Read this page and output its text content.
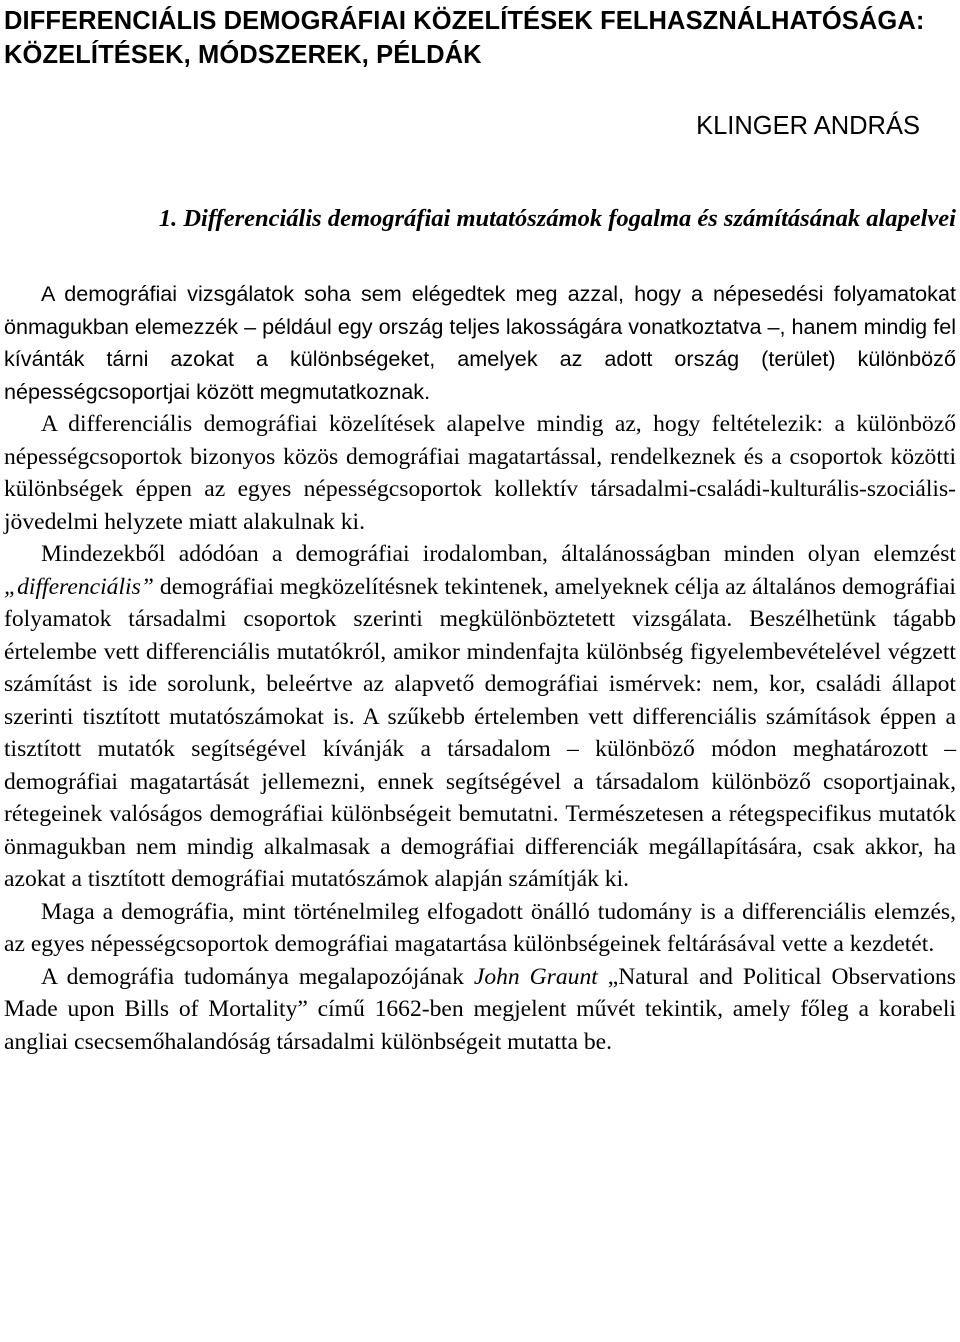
DIFFERENCIÁLIS DEMOGRÁFIAI KÖZELÍTÉSEK FELHASZNÁLHATÓSÁGA: KÖZELÍTÉSEK, MÓDSZEREK, PÉLDÁK
KLINGER ANDRÁS
1. Differenciális demográfiai mutatószámok fogalma és számításának alapelvei

A demográfiai vizsgálatok soha sem elégedtek meg azzal, hogy a népesedési folyamatokat önmagukban elemezzék – például egy ország teljes lakosságára vonatkoztatva –, hanem mindig fel kívánták tárni azokat a különbségeket, amelyek az adott ország (terület) különböző népességcsoportjai között megmutatkoznak.

A differenciális demográfiai közelítések alapelve mindig az, hogy feltételezik: a különböző népességcsoportok bizonyos közös demográfiai magatartással, rendelkeznek és a csoportok közötti különbségek éppen az egyes népességcsoportok kollektív társadalmi-családi-kulturális-szociális-jövedelmi helyzete miatt alakulnak ki.

Mindezekből adódóan a demográfiai irodalomban, általánosságban minden olyan elemzést „differenciális” demográfiai megközelítésnek tekintenek, amelyeknek célja az általános demográfiai folyamatok társadalmi csoportok szerinti megkülönböztetett vizsgálata. Beszélhetünk tágabb értelembe vett differenciális mutatókról, amikor mindenfajta különbség figyelembevételével végzett számítást is ide sorolunk, beleértve az alapvető demográfiai ismérvek: nem, kor, családi állapot szerinti tisztított mutatószámokat is. A szűkebb értelemben vett differenciális számítások éppen a tisztított mutatók segítségével kívánják a társadalom – különböző módon meghatározott – demográfiai magatartását jellemezni, ennek segítségével a társadalom különböző csoportjainak, rétegeinek valóságos demográfiai különbségeit bemutatni. Természetesen a rétegspecifikus mutatók önmagukban nem mindig alkalmasak a demográfiai differenciák megállapítására, csak akkor, ha azokat a tisztított demográfiai mutatószámok alapján számítják ki.

Maga a demográfia, mint történelmileg elfogadott önálló tudomány is a differenciális elemzés, az egyes népességcsoportok demográfiai magatartása különbségeinek feltárásával vette a kezdetét.

A demográfia tudománya megalapozójának John Graunt „Natural and Political Observations Made upon Bills of Mortality” című 1662-ben megjelent művét tekintik, amely főleg a korabeli angliai csecsemőhalandóság társadalmi különbségeit mutatta be.
